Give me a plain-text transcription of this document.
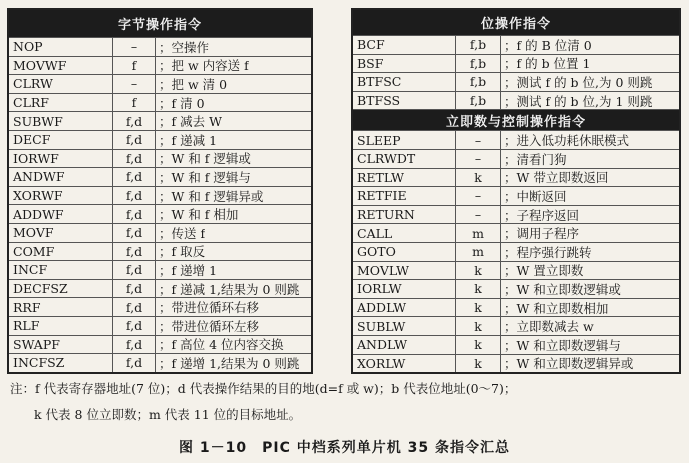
字节操作指令
NOP	–	；空操作
MOVWF	f	；把 w 内容送 f
CLRW	–	；把 w 清 0
CLRF	f	；f 清 0
SUBWF	f,d	；f 减去 W
DECF	f,d	；f 递减 1
IORWF	f,d	；W 和 f 逻辑或
ANDWF	f,d	；W 和 f 逻辑与
XORWF	f,d	；W 和 f 逻辑异或
ADDWF	f,d	；W 和 f 相加
MOVF	f,d	；传送 f
COMF	f,d	；f 取反
INCF	f,d	；f 递增 1
DECFSZ	f,d	；f 递减 1,结果为 0 则跳
RRF	f,d	；带进位循环右移
RLF	f,d	；带进位循环左移
SWAPF	f,d	；f 高位 4 位内容交换
INCFSZ	f,d	；f 递增 1,结果为 0 则跳
位操作指令
BCF	f,b	；f 的 B 位清 0
BSF	f,b	；f 的 b 位置 1
BTFSC	f,b	；测试 f 的 b 位,为 0 则跳
BTFSS	f,b	；测试 f 的 b 位,为 1 则跳
立即数与控制操作指令
SLEEP	–	；进入低功耗休眠模式
CLRWDT	–	；清看门狗
RETLW	k	；W 带立即数返回
RETFIE	–	；中断返回
RETURN	–	；子程序返回
CALL	m	；调用子程序
GOTO	m	；程序强行跳转
MOVLW	k	；W 置立即数
IORLW	k	；W 和立即数逻辑或
ADDLW	k	；W 和立即数相加
SUBLW	k	；立即数减去 w
ANDLW	k	；W 和立即数逻辑与
XORLW	k	；W 和立即数逻辑异或
注：f 代表寄存器地址(7 位)；d 代表操作结果的目的地(d=f 或 w)；b 代表位地址(0～7)；
k 代表 8 位立即数；m 代表 11 位的目标地址。
图 1－10　PIC 中档系列单片机 35 条指令汇总
